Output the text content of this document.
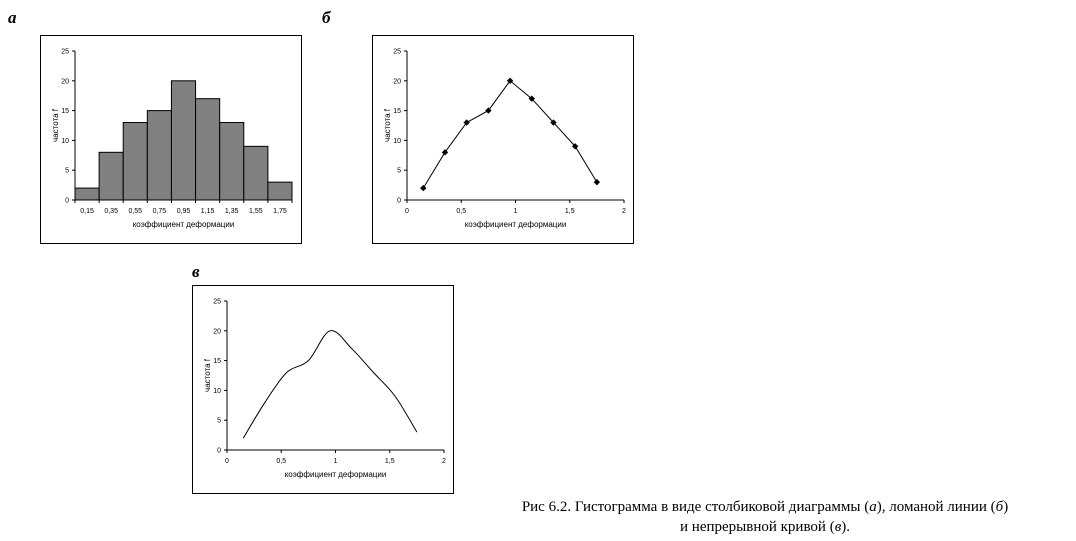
а	б
в
0
5
10
15
20
25
коэффициент деформации
частота f
0,15 0,35 0,55 0,75 0,95 1,15 1,35 1,55 1,75
0
5
10
15
20
25
коэффициент деформации
частота f
0	0,5	1	1,5	2
0
5
10
15
20
25
коэффициент деформации
частота f
0	0,5	1	1,5	2
Рис 6.2. Гистограмма в виде столбиковой диаграммы (а), ломаной линии (б)
и непрерывной кривой (в).
